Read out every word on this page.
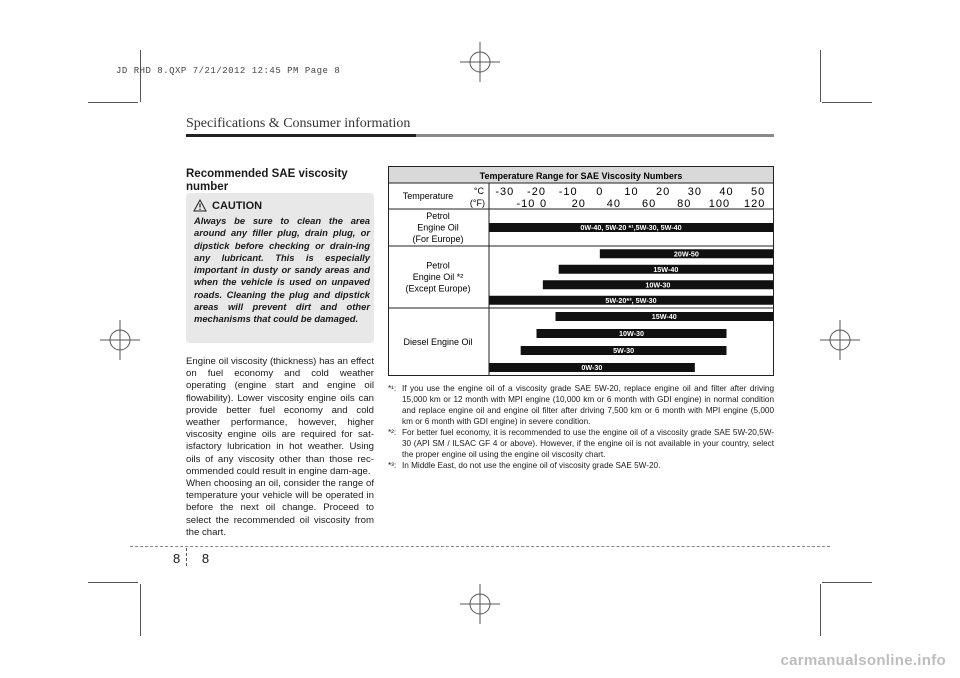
JD RHD 8.QXP 7/21/2012 12:45 PM Page 8
Specifications & Consumer information
Recommended SAE viscosity number
CAUTION
Always be sure to clean the area around any filler plug, drain plug, or dipstick before checking or drain-ing any lubricant. This is especially important in dusty or sandy areas and when the vehicle is used on unpaved roads. Cleaning the plug and dipstick areas will prevent dirt and other mechanisms that could be damaged.

Engine oil viscosity (thickness) has an effect on fuel economy and cold weather operating (engine start and engine oil flowability). Lower viscosity engine oils can provide better fuel economy and cold weather performance, however, higher viscosity engine oils are required for sat-isfactory lubrication in hot weather. Using oils of any viscosity other than those rec-ommended could result in engine dam-age.

When choosing an oil, consider the range of temperature your vehicle will be operated in before the next oil change. Proceed to select the recommended oil viscosity from the chart.

Temperature Range for SAE Viscosity Numbers
Temperature °C
(°F)
Petrol
Engine Oil
(For Europe)
Petrol
Engine Oil *²
(Except Europe)
Diesel Engine Oil
-30 -20 -10 0 10 20 30 40 50
-10 0 20 40 60 80 100 120
0W-40, 5W-20 *¹,5W-30, 5W-40
20W-50
15W-40
10W-30
5W-20*³, 5W-30
15W-40
10W-30
5W-30
0W-30
*¹: If you use the engine oil of a viscosity grade SAE 5W-20, replace engine oil and filter after driving 15,000 km or 12 month with MPI engine (10,000 km or 6 month with GDI engine) in normal condition and replace engine oil and engine oil filter after driving 7,500 km or 6 month with MPI engine (5,000 km or 6 month with GDI engine) in severe condition.
*²: For better fuel economy, it is recommended to use the engine oil of a viscosity grade SAE 5W-20,5W-30 (API SM / ILSAC GF 4 or above). However, if the engine oil is not available in your country, select the proper engine oil using the engine oil viscosity chart.
*³: In Middle East, do not use the engine oil of viscosity grade SAE 5W-20.
8 8
carmanualsonline.info
